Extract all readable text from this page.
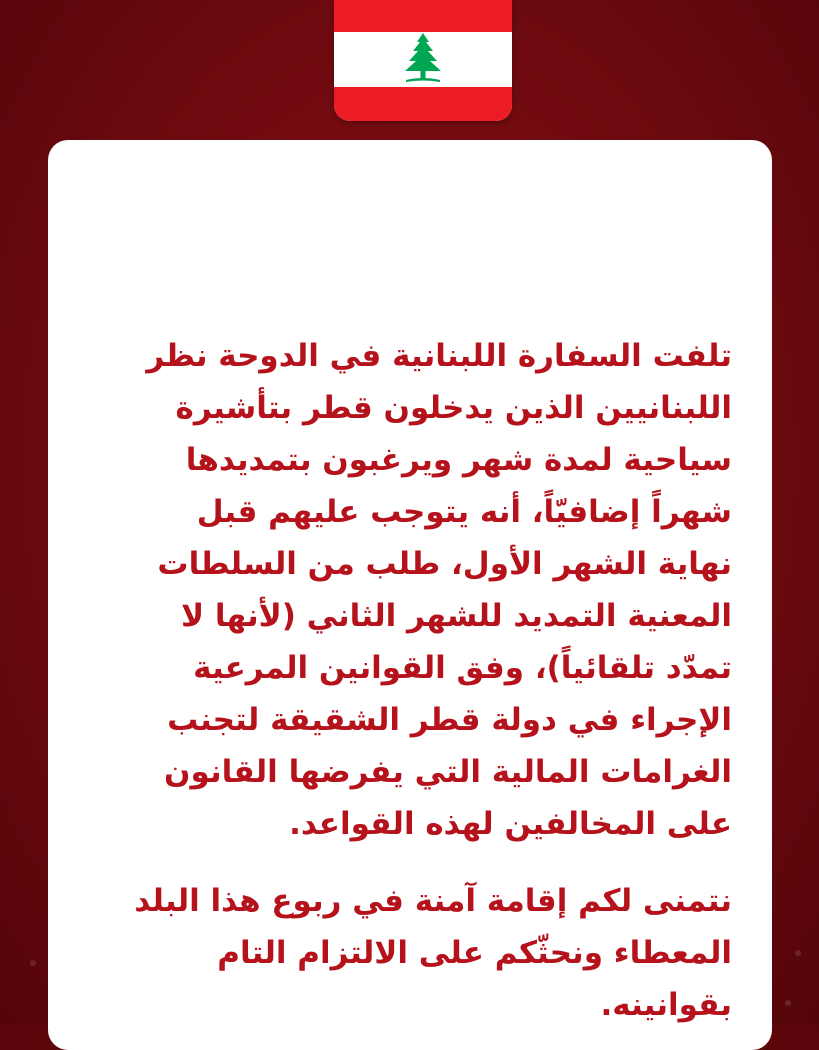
تلفت السفارة اللبنانية في الدوحة نظر
اللبنانيين الذين يدخلون قطر بتأشيرة
سياحية لمدة شهر ويرغبون بتمديدها
شهراً إضافيّاً، أنه يتوجب عليهم قبل
نهاية الشهر الأول، طلب من السلطات
المعنية التمديد للشهر الثاني (لأنها لا
تمدّد تلقائياً)، وفق القوانين المرعية
الإجراء في دولة قطر الشقيقة لتجنب
الغرامات المالية التي يفرضها القانون
على المخالفين لهذه القواعد.
نتمنى لكم إقامة آمنة في ربوع هذا البلد
المعطاء ونحثّكم على الالتزام التام
بقوانينه.
